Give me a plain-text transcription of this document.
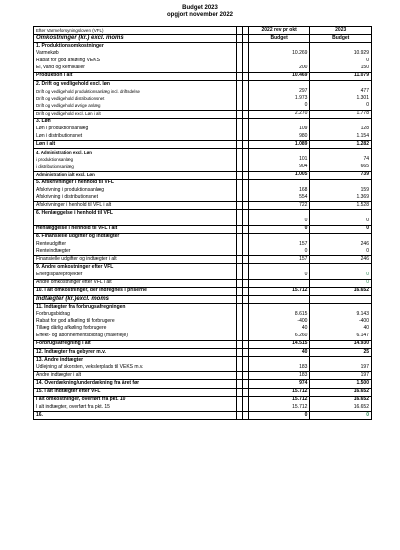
Budget 2023
opgjort november 2022
Efter Varmeforsyningsloven (VFL)			2022 rev pr okt	2023
Omkostninger (kr.) excl. moms			Budget	Budget
1. Produktionsomkostninger				
Varmekøb			10.269	10.929
Rabat for god afkøling VEKS				0
El, vand og kemikalier			200	150
Produktion i alt			10.469	11.079
2. Drift og vedligehold excl. løn				
Drift og vedligehold produktionsanlæg incl. driftsdelse			297	477
Drift og vedligehold distributionsnet			1.973	1.301
Drift og vedligehold øvrige anlæg			0	0
Drift og vedligehold excl. Løn i alt			2.270	1.778
3. Løn				
Løn i produktionsanlæg			109	128
Løn i distributionsnet			980	1.154
Løn i alt			1.089	1.282
4. Administration excl. Løn				
i produktionsanlæg			101	74
i distributionsanlæg			904	665
Administration ialt excl. Løn			1.005	739
5. Afskrivninger i henhold til VFL				
Afskrivning i produktionsanlæg			168	159
Afskrivning i distributionsnet			554	1.369
Afskrivninger i henhold til VFL i alt			722	1.528
6. Henlæggelse i henhold til VFL				
			0	0
Henlæggelse i henhold til VFL i alt			0	0
8. Finansielle udgifter og indtægter				
Renteudgifter			157	246
Renteindtægter			0	0
Finansielle udgifter og indtægter i alt			157	246
9. Andre omkostninger efter VFL				
Energisparеprojekter			0	0
Andre omkostninger efter VFL i alt				0
10. I alt omkostninger, der indregnes i priserne			15.712	16.652
Indtægter (kr.)excl. moms				
11. Indtægter fra forbrugsafregningen				
Forbrugsbidrag			8.615	9.143
Rabat for god afkøling til forbrugere			-400	-400
Tillæg dårlig afkøling forbrugere			40	40
Effekt- og abonnementsbidrag (målerleje)			6.260	6.147
Forbrugsafregning i alt			14.515	14.930
12. Indtægter fra gebyrer m.v.			40	25
13. Andre indtægter				
Udlejning af skorsten, vekslerplads til VEKS m.v.			183	197
Andre indtægter i alt			183	197
14. Overdækning/underdækning fra året før			974	1.500
15. I alt indtægter efter VFL			15.712	16.652
I alt omkostninger, overført fra pkt. 10			15.712	16.652
I alt indtægter, overført fra pkt. 15			15.712	16.652
16.			0	0
